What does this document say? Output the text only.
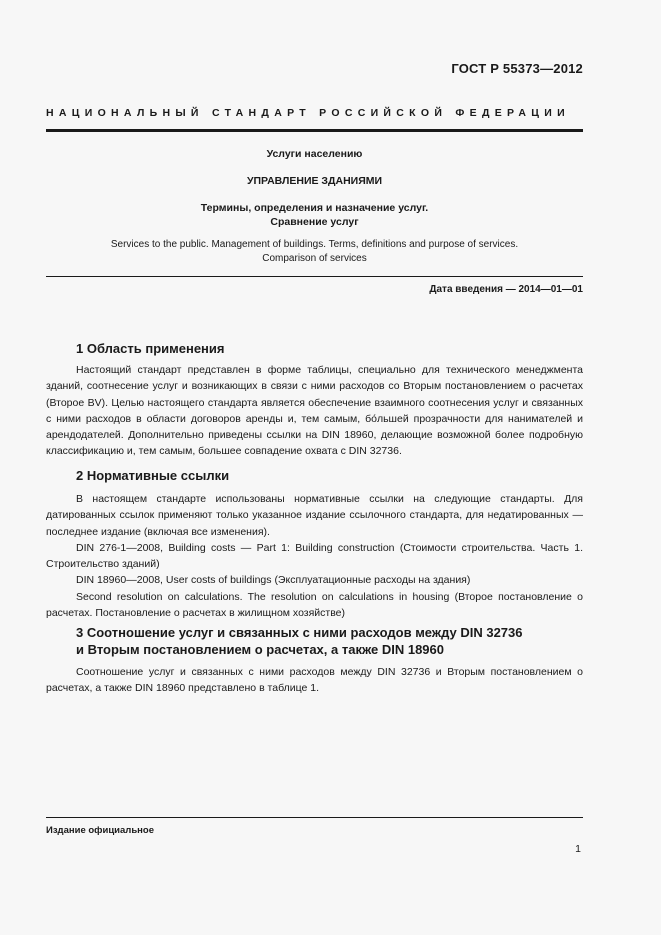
ГОСТ Р 55373—2012
НАЦИОНАЛЬНЫЙ СТАНДАРТ РОССИЙСКОЙ ФЕДЕРАЦИИ
Услуги населению
УПРАВЛЕНИЕ ЗДАНИЯМИ
Термины, определения и назначение услуг.
Сравнение услуг
Services to the public. Management of buildings. Terms, definitions and purpose of services.
Comparison of services
Дата введения — 2014—01—01
1 Область применения

Настоящий стандарт представлен в форме таблицы, специально для технического менеджмента зданий, соотнесение услуг и возникающих в связи с ними расходов со Вторым постановлением о расчетах (Второе BV). Целью настоящего стандарта является обеспечение взаимного соотнесения услуг и связанных с ними расходов в области договоров аренды и, тем самым, бо́льшей прозрачности для нанимателей и арендодателей. Дополнительно приведены ссылки на DIN 18960, делающие возможной более подробную классификацию и, тем самым, большее совпадение охвата с DIN 32736.

2 Нормативные ссылки

В настоящем стандарте использованы нормативные ссылки на следующие стандарты. Для датированных ссылок применяют только указанное издание ссылочного стандарта, для недатированных — последнее издание (включая все изменения).

DIN 276-1—2008, Building costs — Part 1: Building construction (Стоимости строительства. Часть 1. Строительство зданий)

DIN 18960—2008, User costs of buildings (Эксплуатационные расходы на здания)

Second resolution on calculations. The resolution on calculations in housing (Второе постановление о расчетах. Постановление о расчетах в жилищном хозяйстве)

3 Соотношение услуг и связанных с ними расходов между DIN 32736
и Вторым постановлением о расчетах, а также DIN 18960

Соотношение услуг и связанных с ними расходов между DIN 32736 и Вторым постановлением о расчетах, а также DIN 18960 представлено в таблице 1.

Издание официальное
1
